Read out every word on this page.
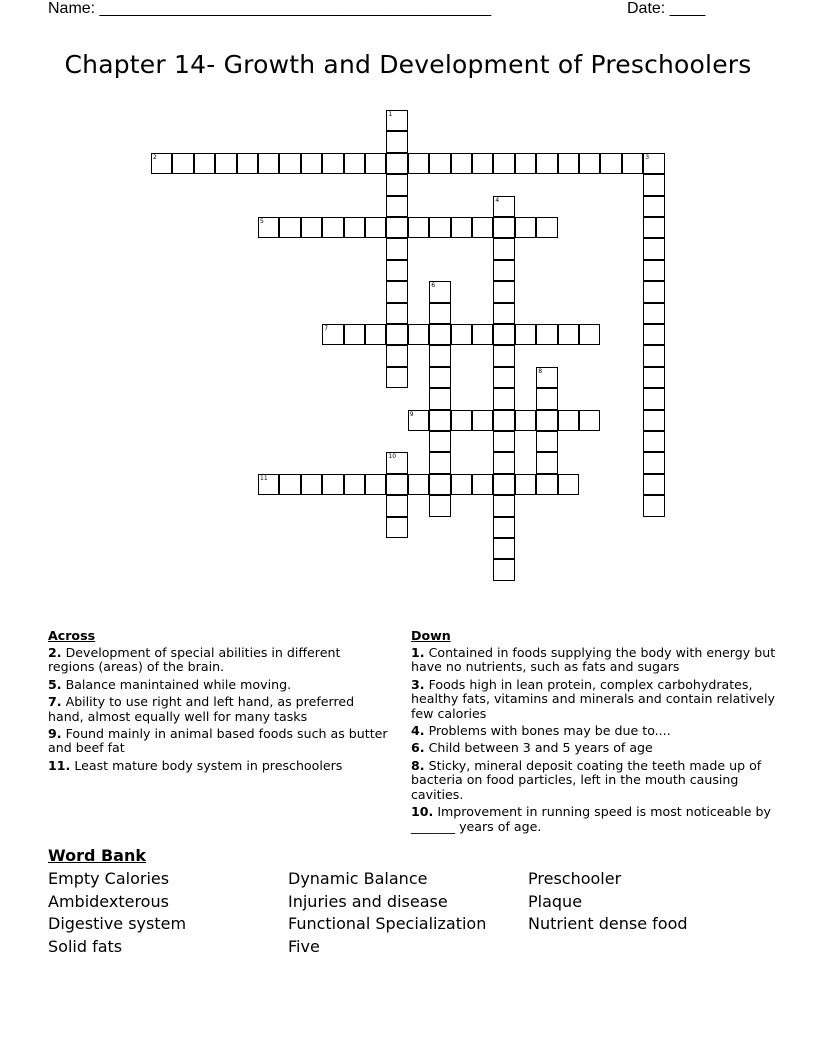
Name: ____________________________________________	Date: ____
Chapter 14- Growth and Development of Preschoolers
1
2	3
4
5
6
7
8
9
10
11
Across
2. Development of special abilities in different regions (areas) of the brain.
5. Balance manintained while moving.
7. Ability to use right and left hand, as preferred hand, almost equally well for many tasks
9. Found mainly in animal based foods such as butter and beef fat
11. Least mature body system in preschoolers
Down
1. Contained in foods supplying the body with energy but have no nutrients, such as fats and sugars
3. Foods high in lean protein, complex carbohydrates, healthy fats, vitamins and minerals and contain relatively few calories
4. Problems with bones may be due to....
6. Child between 3 and 5 years of age
8. Sticky, mineral deposit coating the teeth made up of bacteria on food particles, left in the mouth causing cavities.
10. Improvement in running speed is most noticeable by _______ years of age.
Word Bank
Empty Calories
Ambidexterous
Digestive system
Solid fats
Dynamic Balance
Injuries and disease
Functional Specialization
Five
Preschooler
Plaque
Nutrient dense food
